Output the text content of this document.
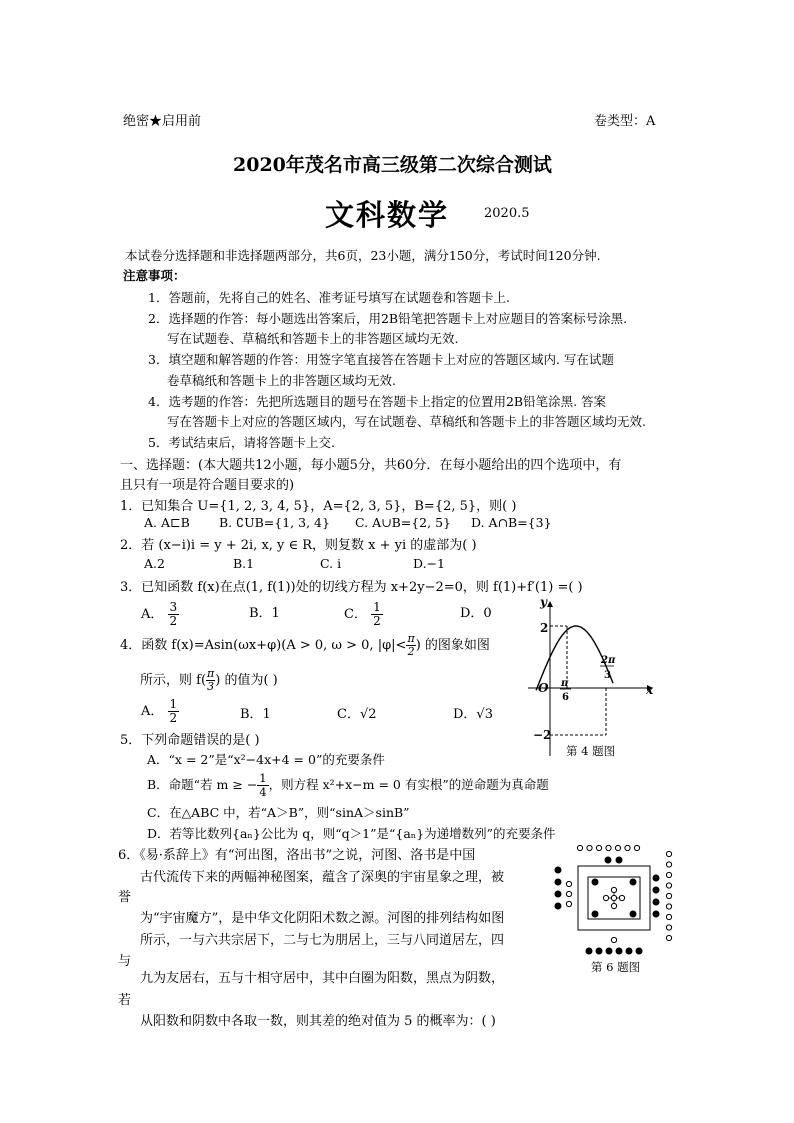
绝密★启用前	卷类型：A
2020年茂名市高三级第二次综合测试
文科数学	2020.5
本试卷分选择题和非选择题两部分，共6页，23小题，满分150分，考试时间120分钟.
注意事项：
1．答题前，先将自己的姓名、准考证号填写在试题卷和答题卡上.
2．选择题的作答：每小题选出答案后，用2B铅笔把答题卡上对应题目的答案标号涂黑.
写在试题卷、草稿纸和答题卡上的非答题区域均无效.
3．填空题和解答题的作答：用签字笔直接答在答题卡上对应的答题区域内. 写在试题
卷草稿纸和答题卡上的非答题区域均无效.
4．选考题的作答：先把所选题目的题号在答题卡上指定的位置用2B铅笔涂黑. 答案
写在答题卡上对应的答题区域内，写在试题卷、草稿纸和答题卡上的非答题区域均无效.
5．考试结束后，请将答题卡上交.
一、选择题：(本大题共12小题，每小题5分，共60分．在每小题给出的四个选项中，有
且只有一项是符合题目要求的)
1．已知集合 U={1, 2, 3, 4, 5}，A={2, 3, 5}，B={2, 5}，则( )
A. A⊏B B. ∁UB={1, 3, 4} C. A∪B={2, 5} D. A∩B={3}
2．若 (x−i)i = y + 2i, x, y ∈ R，则复数 x + yi 的虚部为( )
A.2	B.1	C. i	D.−1
3．已知函数 f(x)在点(1, f(1))处的切线方程为 x+2y−2=0，则 f(1)+f′(1) =( )
A． $\frac{3}{2}$	B．1	C． $\frac{1}{2}$	D．0
4．函数 f(x)=Asin(ωx+φ)(A > 0, ω > 0, $|\varphi|< \frac{\pi}{2}$ ) 的图象如图
所示，则 $f( \frac{\pi}{3}$ ) 的值为( )
A． $\frac{1}{2}$	B．1	C．√2	D．√3
y
x
O
2
−2
π
6
2π
3
第 4 题图
5．下列命题错误的是( )
A．“x = 2”是“x²−4x+4 = 0”的充要条件
B．命题“若 m ≥ − $\frac{1}{4}$ ，则方程 x²+x−m = 0 有实根”的逆命题为真命题
C．在△ABC 中，若“A＞B”，则“sinA＞sinB”
D．若等比数列{aₙ}公比为 q，则“q＞1”是“{aₙ}为递增数列”的充要条件
6．《易·系辞上》有“河出图，洛出书”之说，河图、洛书是中国
古代流传下来的两幅神秘图案，蕴含了深奥的宇宙星象之理，被
誉
为“宇宙魔方”，是中华文化阴阳术数之源。河图的排列结构如图
所示，一与六共宗居下，二与七为朋居上，三与八同道居左，四
与
九为友居右，五与十相守居中，其中白圈为阳数，黑点为阴数，
若
从阳数和阴数中各取一数，则其差的绝对值为 5 的概率为：( )
第 6 题图
